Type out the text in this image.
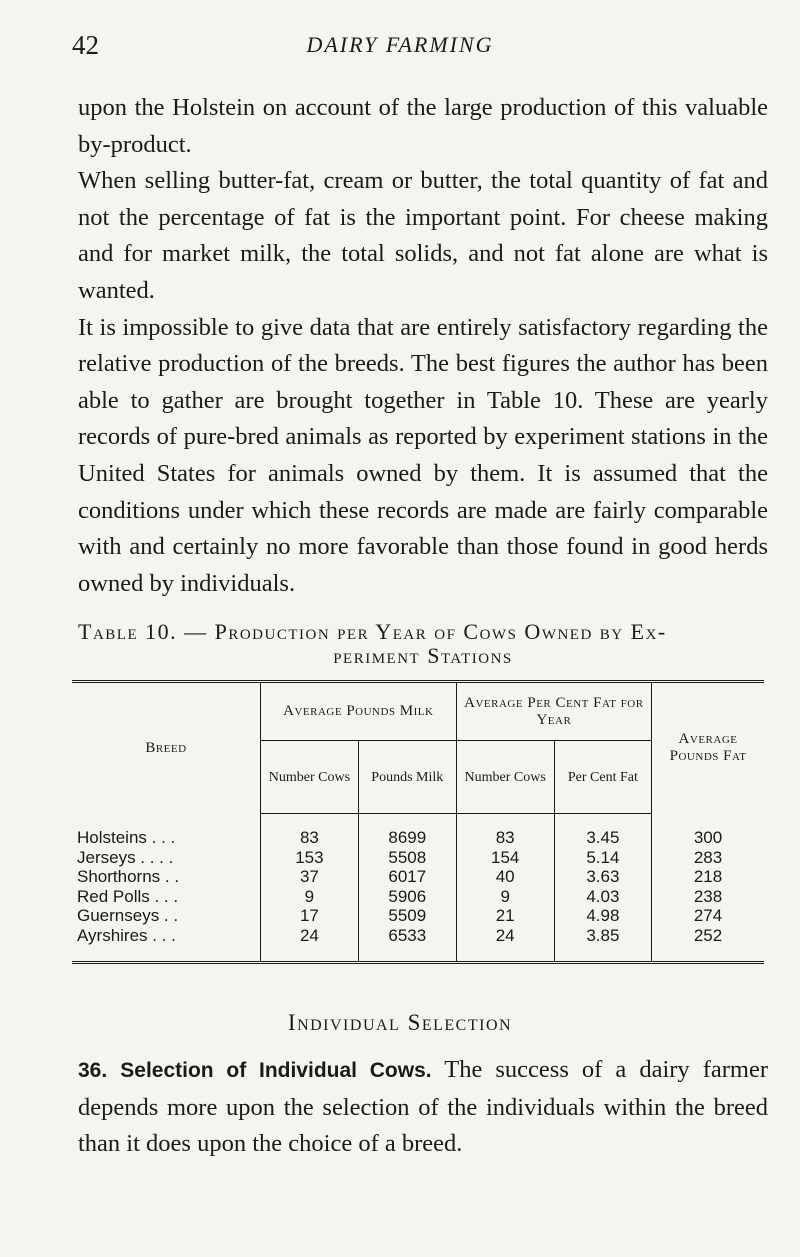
42	DAIRY FARMING

upon the Holstein on account of the large production of this valuable by-product.

When selling butter-fat, cream or butter, the total quantity of fat and not the percentage of fat is the important point. For cheese making and for market milk, the total solids, and not fat alone are what is wanted.

It is impossible to give data that are entirely satisfactory regarding the relative production of the breeds. The best figures the author has been able to gather are brought together in Table 10. These are yearly records of pure-bred animals as reported by experiment stations in the United States for animals owned by them. It is assumed that the conditions under which these records are made are fairly comparable with and certainly no more favorable than those found in good herds owned by individuals.

Table 10. — Production per Year of Cows Owned by Ex-
periment Stations
Breed	Average Pounds Milk		Average Per Cent Fat for Year		Average Pounds Fat
	Number Cows	Pounds Milk	Number Cows	Per Cent Fat	
Holsteins . . .	83	8699	83	3.45	300
Jerseys . . . .	153	5508	154	5.14	283
Shorthorns . .	37	6017	40	3.63	218
Red Polls . . .	9	5906	9	4.03	238
Guernseys . .	17	5509	21	4.98	274
Ayrshires . . .	24	6533	24	3.85	252
Individual Selection
36. Selection of Individual Cows. The success of a dairy farmer depends more upon the selection of the individuals within the breed than it does upon the choice of a breed.
